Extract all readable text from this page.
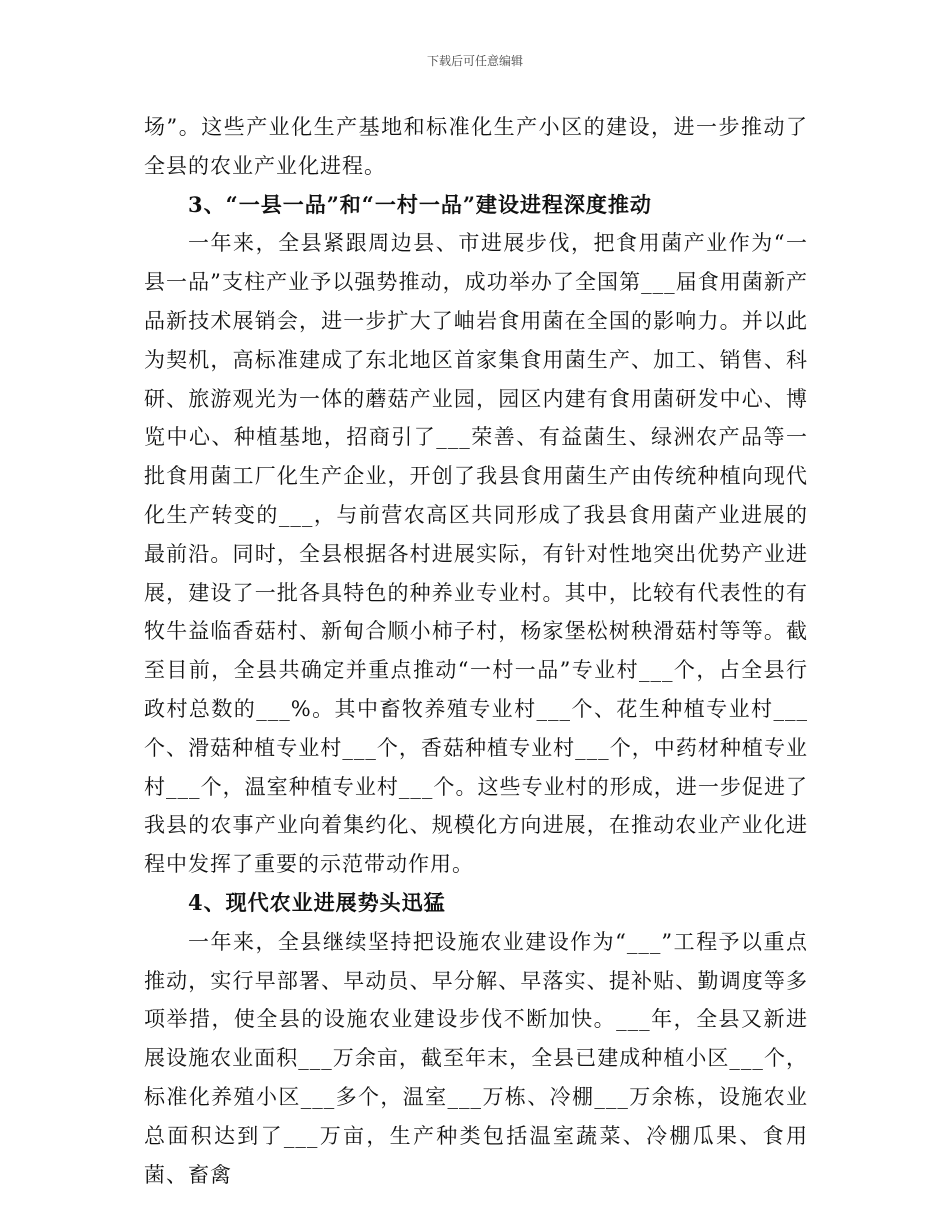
下载后可任意编辑

场”。这些产业化生产基地和标准化生产小区的建设，进一步推动了全县的农业产业化进程。

3、“一县一品”和“一村一品”建设进程深度推动

一年来，全县紧跟周边县、市进展步伐，把食用菌产业作为“一县一品”支柱产业予以强势推动，成功举办了全国第___届食用菌新产品新技术展销会，进一步扩大了岫岩食用菌在全国的影响力。并以此为契机，高标准建成了东北地区首家集食用菌生产、加工、销售、科研、旅游观光为一体的蘑菇产业园，园区内建有食用菌研发中心、博览中心、种植基地，招商引了___荣善、有益菌生、绿洲农产品等一批食用菌工厂化生产企业，开创了我县食用菌生产由传统种植向现代化生产转变的___，与前营农高区共同形成了我县食用菌产业进展的最前沿。同时，全县根据各村进展实际，有针对性地突出优势产业进展，建设了一批各具特色的种养业专业村。其中，比较有代表性的有牧牛益临香菇村、新甸合顺小柿子村，杨家堡松树秧滑菇村等等。截至目前，全县共确定并重点推动“一村一品”专业村___个，占全县行政村总数的___%。其中畜牧养殖专业村___个、花生种植专业村___个、滑菇种植专业村___个，香菇种植专业村___个，中药材种植专业村___个，温室种植专业村___个。这些专业村的形成，进一步促进了我县的农事产业向着集约化、规模化方向进展，在推动农业产业化进程中发挥了重要的示范带动作用。

4、现代农业进展势头迅猛

一年来，全县继续坚持把设施农业建设作为“___”工程予以重点推动，实行早部署、早动员、早分解、早落实、提补贴、勤调度等多项举措，使全县的设施农业建设步伐不断加快。___年，全县又新进展设施农业面积___万余亩，截至年末，全县已建成种植小区___个，标准化养殖小区___多个，温室___万栋、冷棚___万余栋，设施农业总面积达到了___万亩，生产种类包括温室蔬菜、冷棚瓜果、食用菌、畜禽
